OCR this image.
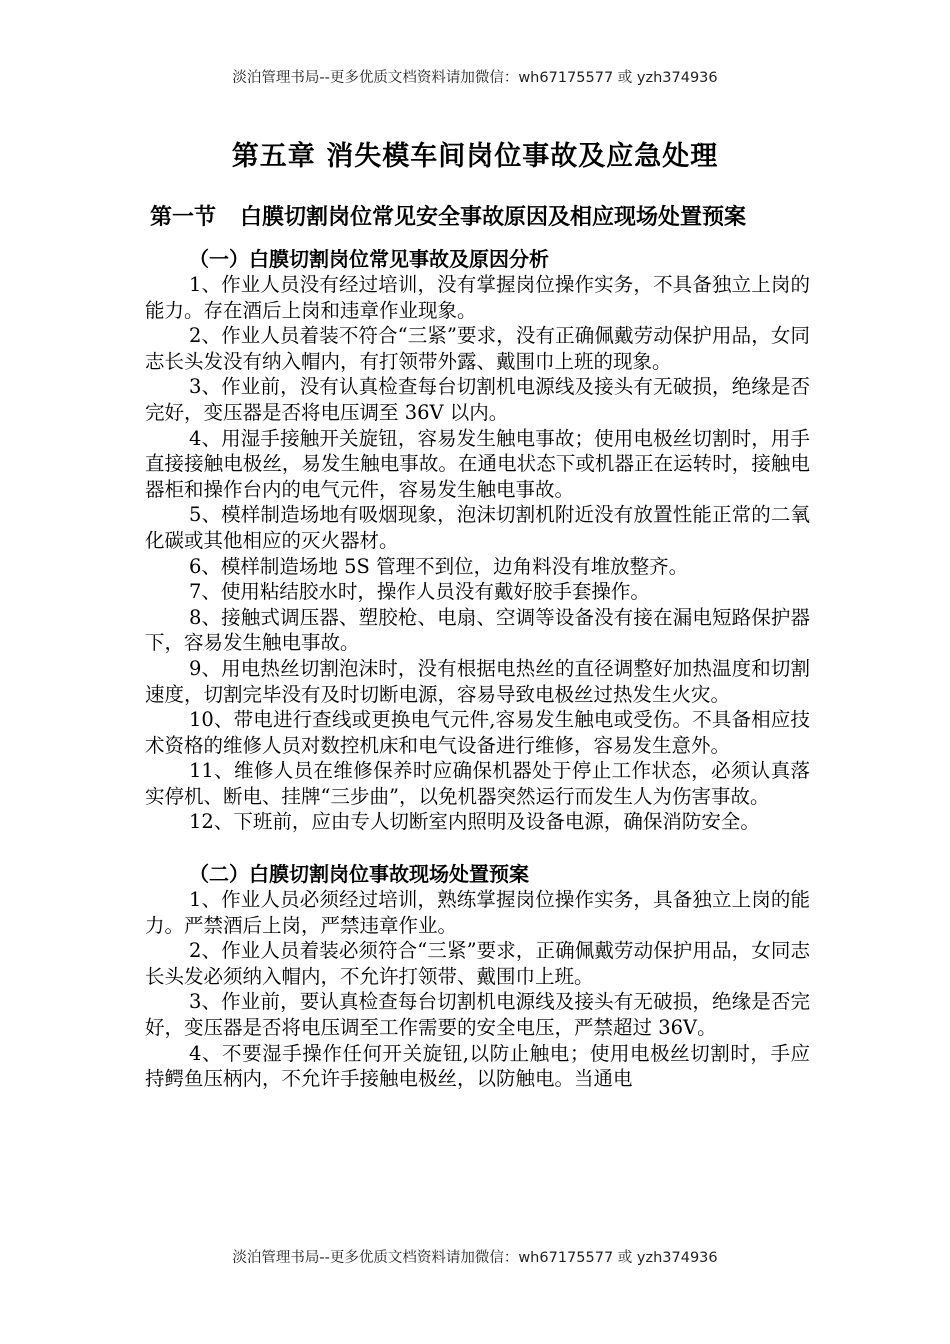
淡泊管理书局--更多优质文档资料请加微信：wh67175577 或 yzh374936
第五章 消失模车间岗位事故及应急处理
第一节 白膜切割岗位常见安全事故原因及相应现场处置预案

（一）白膜切割岗位常见事故及原因分析

1、作业人员没有经过培训，没有掌握岗位操作实务，不具备独立上岗的能力。存在酒后上岗和违章作业现象。

2、作业人员着装不符合“三紧”要求，没有正确佩戴劳动保护用品，女同志长头发没有纳入帽内，有打领带外露、戴围巾上班的现象。

3、作业前，没有认真检查每台切割机电源线及接头有无破损，绝缘是否完好，变压器是否将电压调至 36V 以内。

4、用湿手接触开关旋钮，容易发生触电事故；使用电极丝切割时，用手直接接触电极丝，易发生触电事故。在通电状态下或机器正在运转时，接触电器柜和操作台内的电气元件，容易发生触电事故。

5、模样制造场地有吸烟现象，泡沫切割机附近没有放置性能正常的二氧化碳或其他相应的灭火器材。

6、模样制造场地 5S 管理不到位，边角料没有堆放整齐。

7、使用粘结胶水时，操作人员没有戴好胶手套操作。

8、接触式调压器、塑胶枪、电扇、空调等设备没有接在漏电短路保护器下，容易发生触电事故。

9、用电热丝切割泡沫时，没有根据电热丝的直径调整好加热温度和切割速度，切割完毕没有及时切断电源，容易导致电极丝过热发生火灾。

10、带电进行查线或更换电气元件,容易发生触电或受伤。不具备相应技术资格的维修人员对数控机床和电气设备进行维修，容易发生意外。

11、维修人员在维修保养时应确保机器处于停止工作状态，必须认真落实停机、断电、挂牌“三步曲”，以免机器突然运行而发生人为伤害事故。

12、下班前，应由专人切断室内照明及设备电源，确保消防安全。

（二）白膜切割岗位事故现场处置预案

1、作业人员必须经过培训，熟练掌握岗位操作实务，具备独立上岗的能力。严禁酒后上岗，严禁违章作业。

2、作业人员着装必须符合“三紧”要求，正确佩戴劳动保护用品，女同志长头发必须纳入帽内，不允许打领带、戴围巾上班。

3、作业前，要认真检查每台切割机电源线及接头有无破损，绝缘是否完好，变压器是否将电压调至工作需要的安全电压，严禁超过 36V。

4、不要湿手操作任何开关旋钮,以防止触电；使用电极丝切割时，手应持鳄鱼压柄内，不允许手接触电极丝，以防触电。当通电

淡泊管理书局--更多优质文档资料请加微信：wh67175577 或 yzh374936
